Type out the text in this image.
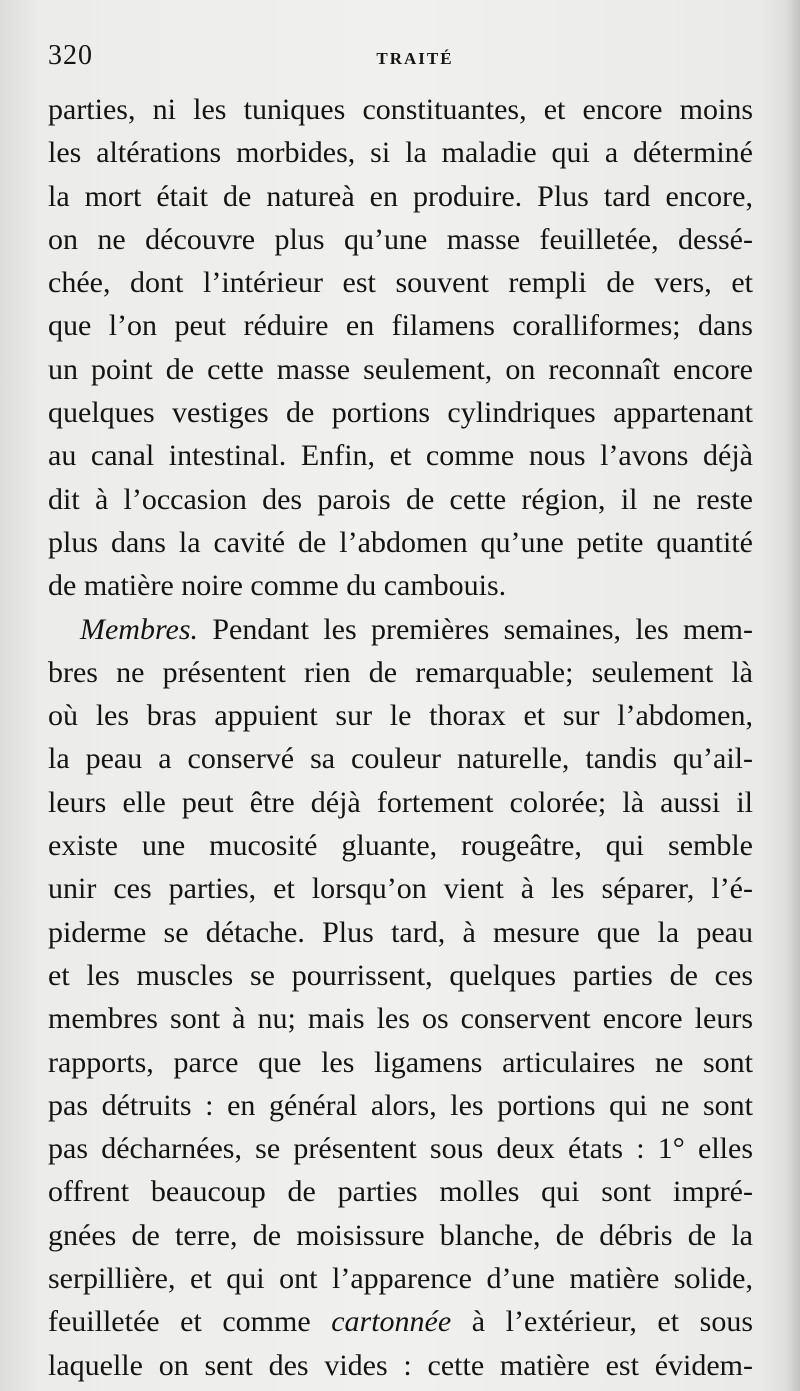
320	TRAITÉ
parties, ni les tuniques constituantes, et encore moins
les altérations morbides, si la maladie qui a déterminé
la mort était de natureà en produire. Plus tard encore,
on ne découvre plus qu’une masse feuilletée, dessé-
chée, dont l’intérieur est souvent rempli de vers, et
que l’on peut réduire en filamens coralliformes; dans
un point de cette masse seulement, on reconnaît encore
quelques vestiges de portions cylindriques appartenant
au canal intestinal. Enfin, et comme nous l’avons déjà
dit à l’occasion des parois de cette région, il ne reste
plus dans la cavité de l’abdomen qu’une petite quantité
de matière noire comme du cambouis.
Membres. Pendant les premières semaines, les mem-
bres ne présentent rien de remarquable; seulement là
où les bras appuient sur le thorax et sur l’abdomen,
la peau a conservé sa couleur naturelle, tandis qu’ail-
leurs elle peut être déjà fortement colorée; là aussi il
existe une mucosité gluante, rougeâtre, qui semble
unir ces parties, et lorsqu’on vient à les séparer, l’é-
piderme se détache. Plus tard, à mesure que la peau
et les muscles se pourrissent, quelques parties de ces
membres sont à nu; mais les os conservent encore leurs
rapports, parce que les ligamens articulaires ne sont
pas détruits : en général alors, les portions qui ne sont
pas décharnées, se présentent sous deux états : 1° elles
offrent beaucoup de parties molles qui sont impré-
gnées de terre, de moisissure blanche, de débris de la
serpillière, et qui ont l’apparence d’une matière solide,
feuilletée et comme cartonnée à l’extérieur, et sous
laquelle on sent des vides : cette matière est évidem-
